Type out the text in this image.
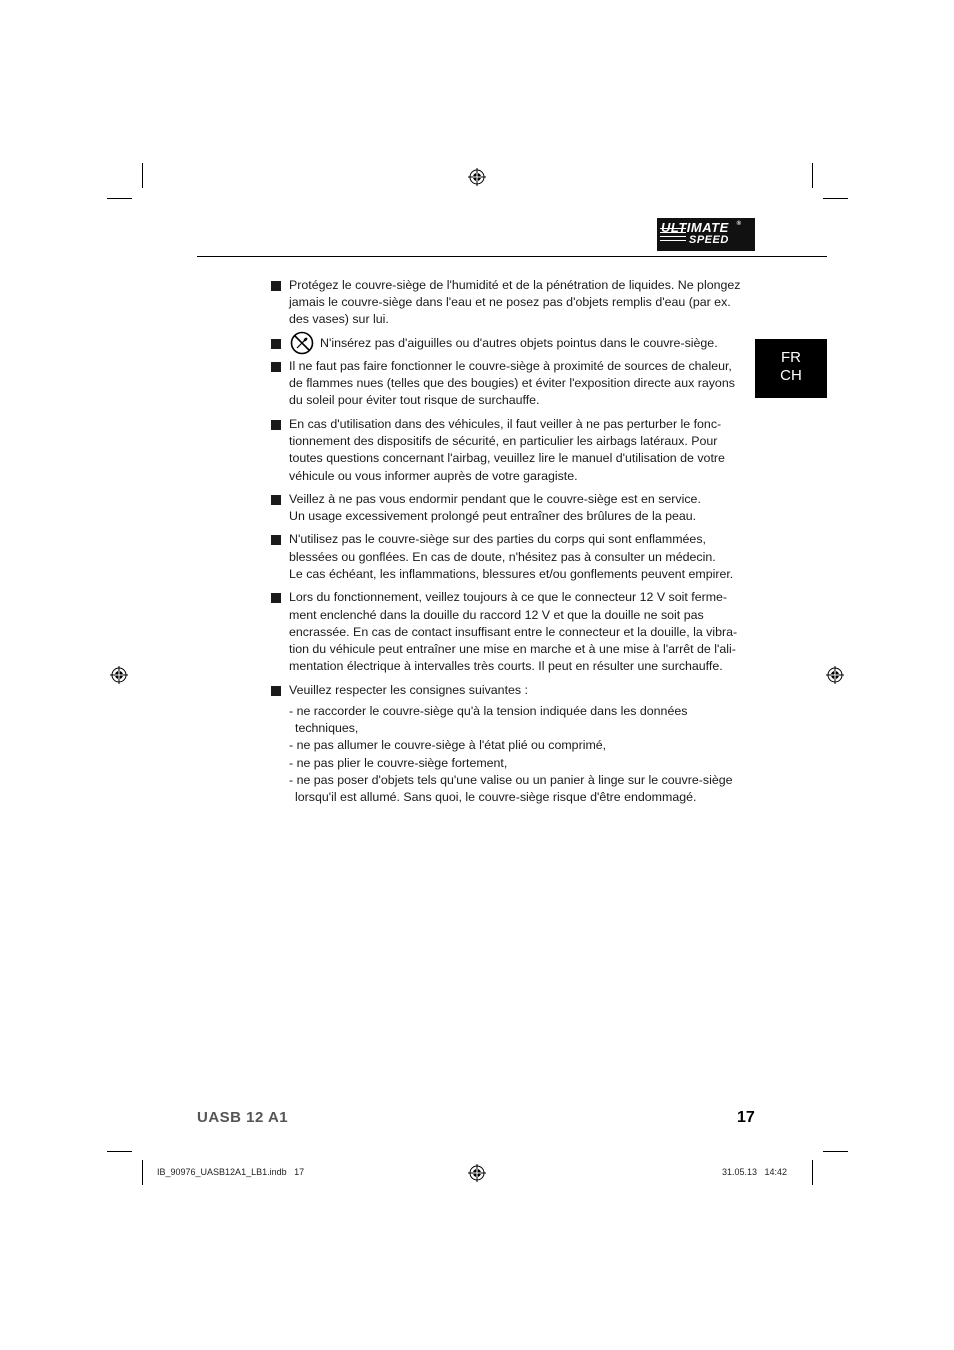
ULTIMATE
SPEED
®
FR
CH
Protégez le couvre-siège de l'humidité et de la pénétration de liquides. Ne plongez
jamais le couvre-siège dans l'eau et ne posez pas d'objets remplis d'eau (par ex.
des vases) sur lui.
N'insérez pas d'aiguilles ou d'autres objets pointus dans le couvre-siège.
Il ne faut pas faire fonctionner le couvre-siège à proximité de sources de chaleur,
de flammes nues (telles que des bougies) et éviter l'exposition directe aux rayons
du soleil pour éviter tout risque de surchauffe.
En cas d'utilisation dans des véhicules, il faut veiller à ne pas perturber le fonc-
tionnement des dispositifs de sécurité, en particulier les airbags latéraux. Pour
toutes questions concernant l'airbag, veuillez lire le manuel d'utilisation de votre
véhicule ou vous informer auprès de votre garagiste.
Veillez à ne pas vous endormir pendant que le couvre-siège est en service.
Un usage excessivement prolongé peut entraîner des brûlures de la peau.
N'utilisez pas le couvre-siège sur des parties du corps qui sont enflammées,
blessées ou gonflées. En cas de doute, n'hésitez pas à consulter un médecin.
Le cas échéant, les inflammations, blessures et/ou gonflements peuvent empirer.
Lors du fonctionnement, veillez toujours à ce que le connecteur 12 V soit ferme-
ment enclenché dans la douille du raccord 12 V et que la douille ne soit pas
encrassée. En cas de contact insuffisant entre le connecteur et la douille, la vibra-
tion du véhicule peut entraîner une mise en marche et à une mise à l'arrêt de l'ali-
mentation électrique à intervalles très courts. Il peut en résulter une surchauffe.
Veuillez respecter les consignes suivantes :
- ne raccorder le couvre-siège qu'à la tension indiquée dans les données
techniques,
- ne pas allumer le couvre-siège à l'état plié ou comprimé,
- ne pas plier le couvre-siège fortement,
- ne pas poser d'objets tels qu'une valise ou un panier à linge sur le couvre-siège
lorsqu'il est allumé. Sans quoi, le couvre-siège risque d'être endommagé.
UASB 12 A1	17
IB_90976_UASB12A1_LB1.indb   17	31.05.13   14:42
